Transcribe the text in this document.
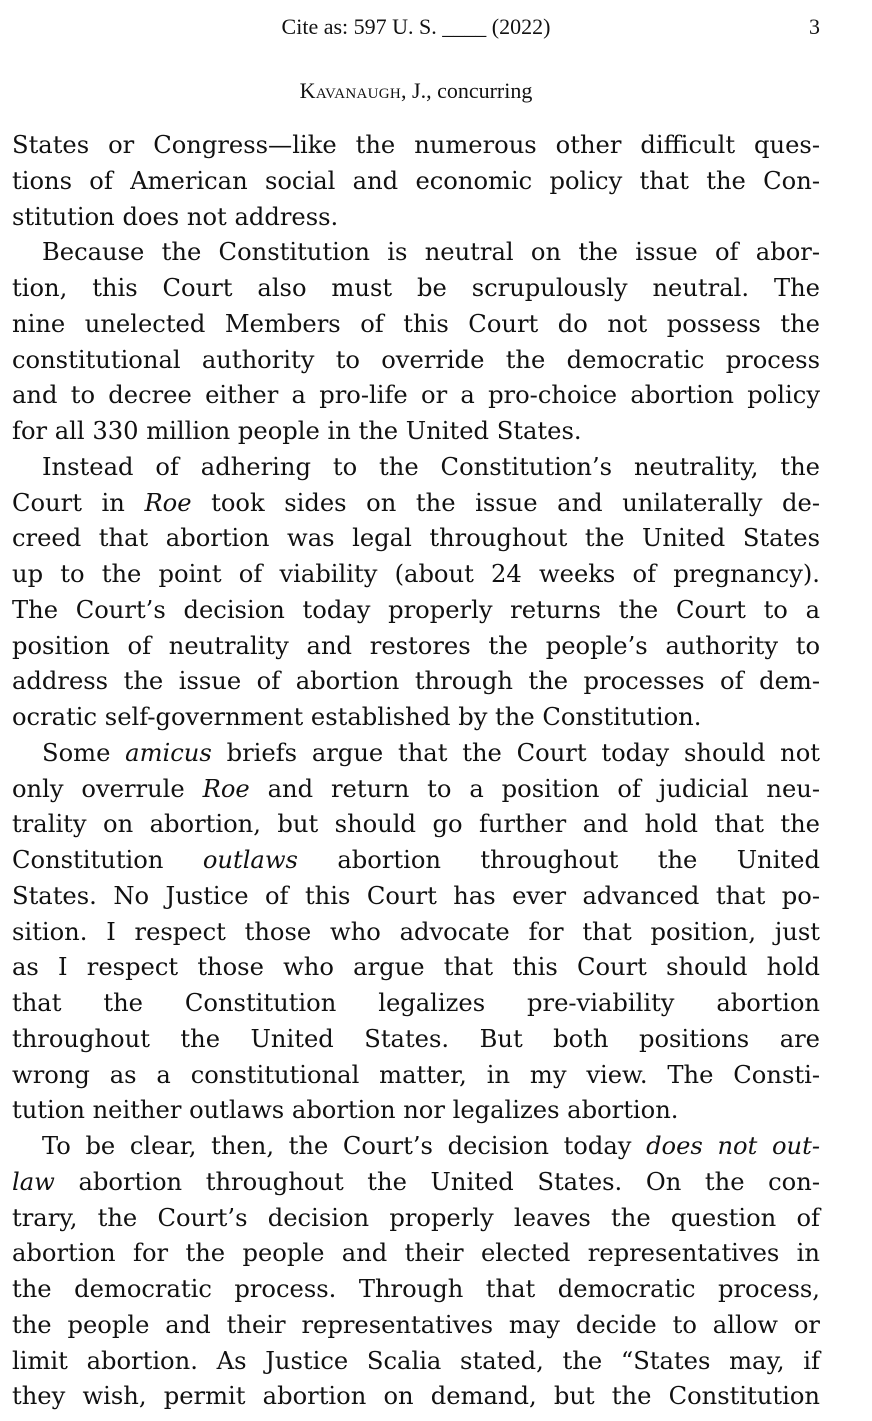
Cite as: 597 U. S. ____ (2022)	3
Kavanaugh, J., concurring

States or Congress—like the numerous other difficult ques-
tions of American social and economic policy that the Con-
stitution does not address.

Because the Constitution is neutral on the issue of abor-
tion, this Court also must be scrupulously neutral. The
nine unelected Members of this Court do not possess the
constitutional authority to override the democratic process
and to decree either a pro-life or a pro-choice abortion policy
for all 330 million people in the United States.

Instead of adhering to the Constitution’s neutrality, the
Court in Roe took sides on the issue and unilaterally de-
creed that abortion was legal throughout the United States
up to the point of viability (about 24 weeks of pregnancy).
The Court’s decision today properly returns the Court to a
position of neutrality and restores the people’s authority to
address the issue of abortion through the processes of dem-
ocratic self-government established by the Constitution.

Some amicus briefs argue that the Court today should not
only overrule Roe and return to a position of judicial neu-
trality on abortion, but should go further and hold that the
Constitution outlaws abortion throughout the United
States. No Justice of this Court has ever advanced that po-
sition. I respect those who advocate for that position, just
as I respect those who argue that this Court should hold
that the Constitution legalizes pre-viability abortion
throughout the United States. But both positions are
wrong as a constitutional matter, in my view. The Consti-
tution neither outlaws abortion nor legalizes abortion.

To be clear, then, the Court’s decision today does not out-
law abortion throughout the United States. On the con-
trary, the Court’s decision properly leaves the question of
abortion for the people and their elected representatives in
the democratic process. Through that democratic process,
the people and their representatives may decide to allow or
limit abortion. As Justice Scalia stated, the “States may, if
they wish, permit abortion on demand, but the Constitution
